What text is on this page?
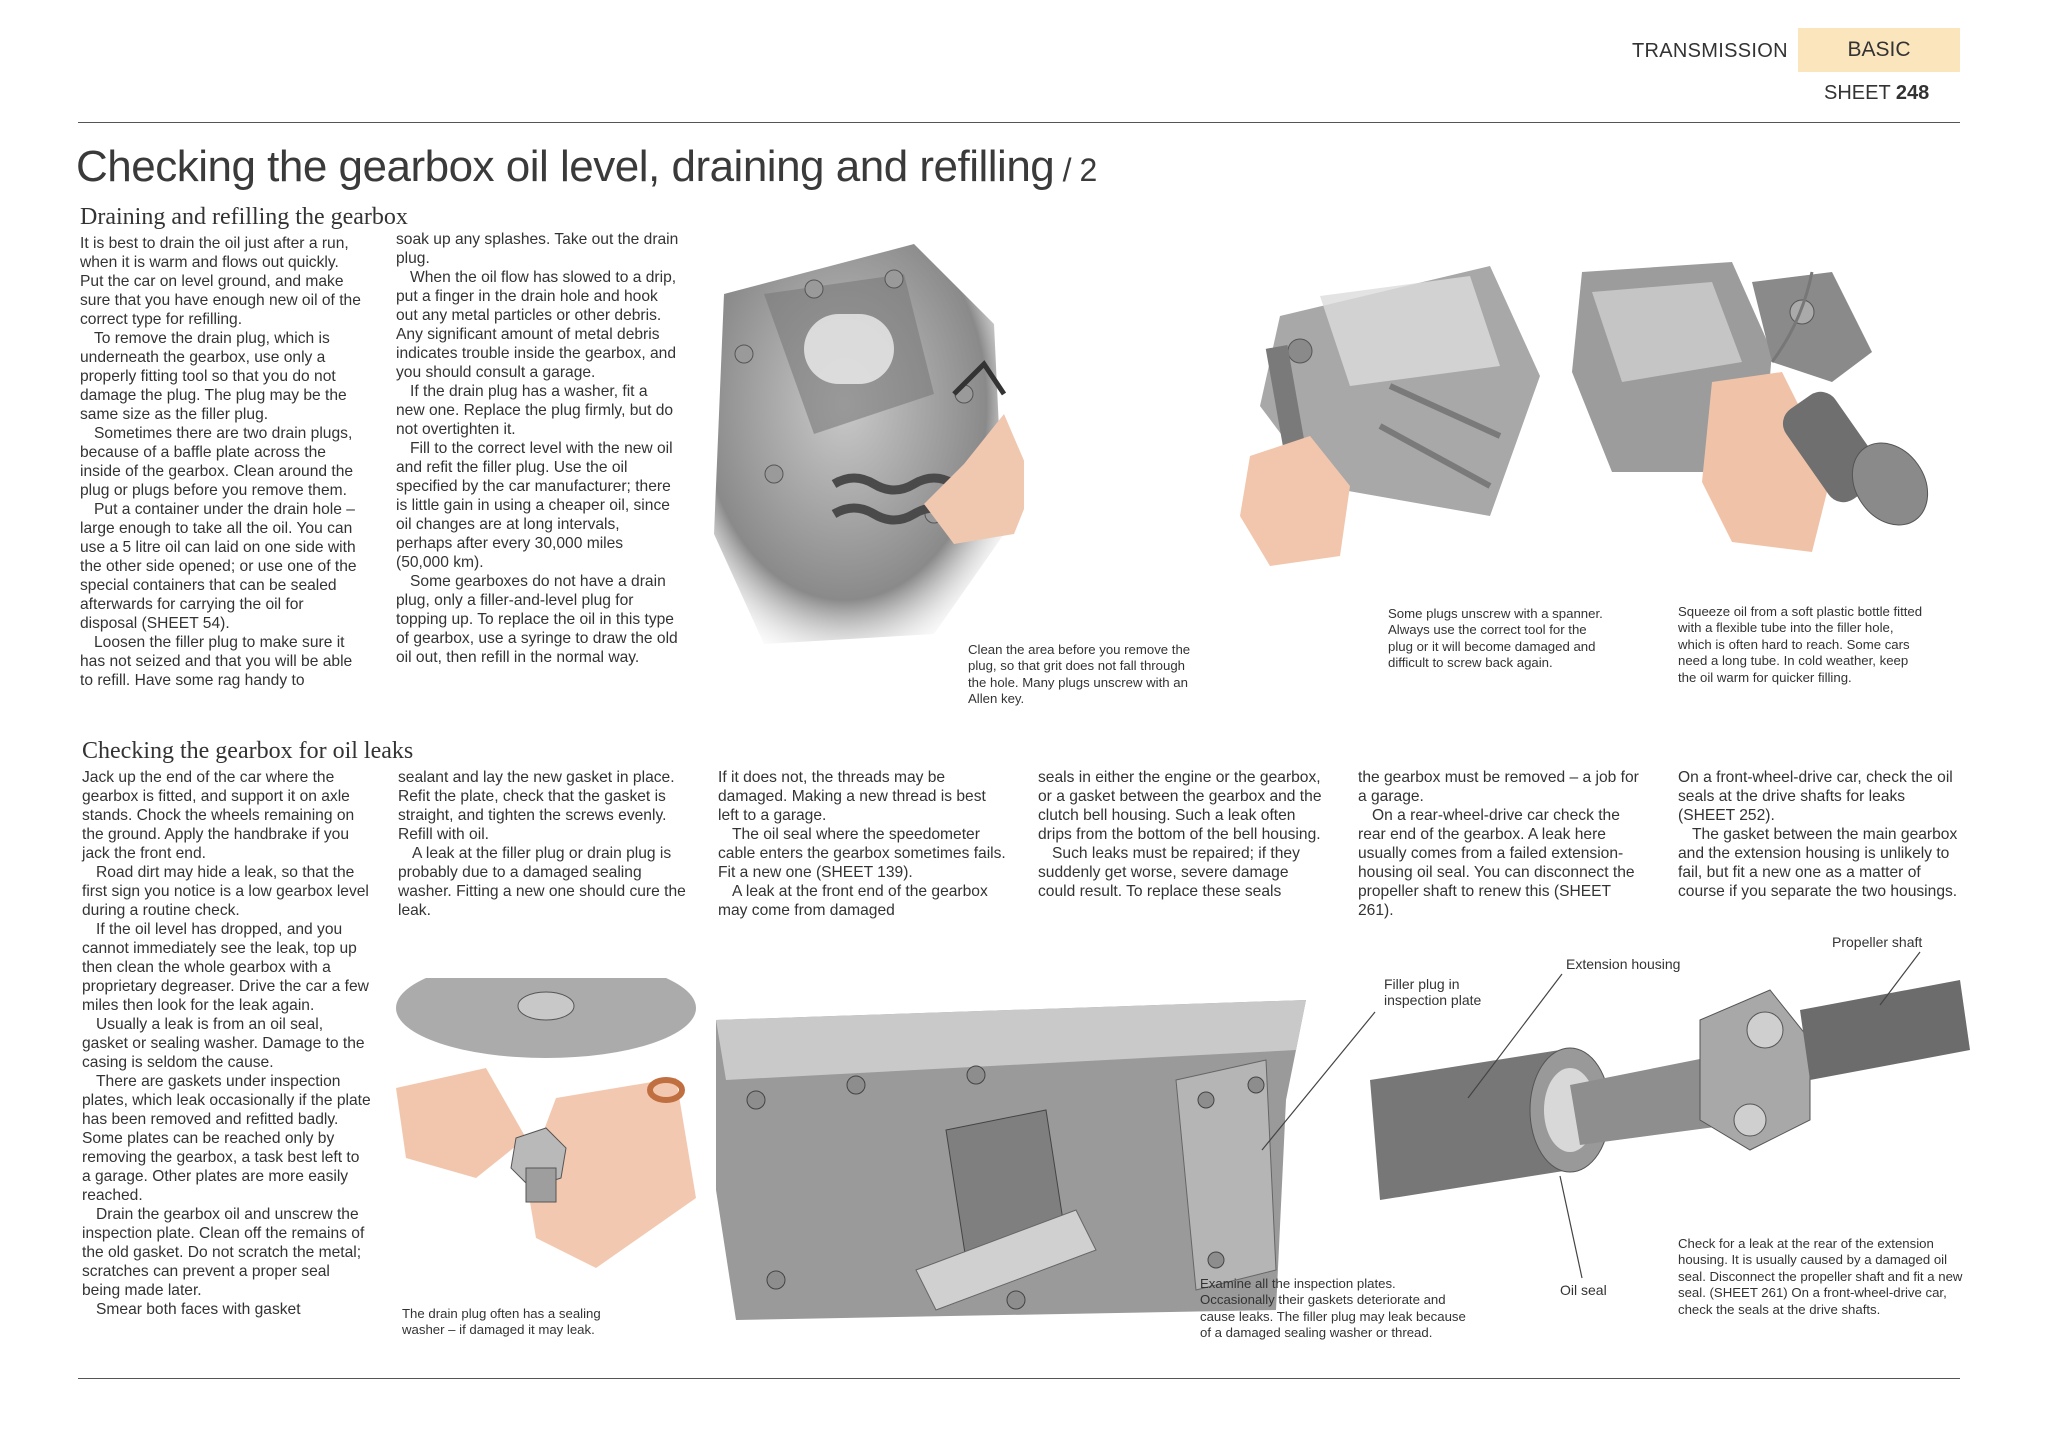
TRANSMISSION	BASIC
SHEET 248
Checking the gearbox oil level, draining and refilling / 2
Draining and refilling the gearbox

It is best to drain the oil just after a run, when it is warm and flows out quickly. Put the car on level ground, and make sure that you have enough new oil of the correct type for refilling.

To remove the drain plug, which is underneath the gearbox, use only a properly fitting tool so that you do not damage the plug. The plug may be the same size as the filler plug.

Sometimes there are two drain plugs, because of a baffle plate across the inside of the gearbox. Clean around the plug or plugs before you remove them.

Put a container under the drain hole – large enough to take all the oil. You can use a 5 litre oil can laid on one side with the other side opened; or use one of the special containers that can be sealed afterwards for carrying the oil for disposal (SHEET 54).

Loosen the filler plug to make sure it has not seized and that you will be able to refill. Have some rag handy to

soak up any splashes. Take out the drain plug.

When the oil flow has slowed to a drip, put a finger in the drain hole and hook out any metal particles or other debris. Any significant amount of metal debris indicates trouble inside the gearbox, and you should consult a garage.

If the drain plug has a washer, fit a new one. Replace the plug firmly, but do not overtighten it.

Fill to the correct level with the new oil and refit the filler plug. Use the oil specified by the car manufacturer; there is little gain in using a cheaper oil, since oil changes are at long intervals, perhaps after every 30,000 miles (50,000 km).

Some gearboxes do not have a drain plug, only a filler-and-level plug for topping up. To replace the oil in this type of gearbox, use a syringe to draw the old oil out, then refill in the normal way.	Clean the area before you remove the plug, so that grit does not fall through the hole. Many plugs unscrew with an Allen key.
Some plugs unscrew with a spanner. Always use the correct tool for the plug or it will become damaged and difficult to screw back again.
Squeeze oil from a soft plastic bottle fitted with a flexible tube into the filler hole, which is often hard to reach. Some cars need a long tube. In cold weather, keep the oil warm for quicker filling.
Checking the gearbox for oil leaks

Jack up the end of the car where the gearbox is fitted, and support it on axle stands. Chock the wheels remaining on the ground. Apply the handbrake if you jack the front end.

Road dirt may hide a leak, so that the first sign you notice is a low gearbox level during a routine check.

If the oil level has dropped, and you cannot immediately see the leak, top up then clean the whole gearbox with a proprietary degreaser. Drive the car a few miles then look for the leak again.

Usually a leak is from an oil seal, gasket or sealing washer. Damage to the casing is seldom the cause.

There are gaskets under inspection plates, which leak occasionally if the plate has been removed and refitted badly. Some plates can be reached only by removing the gearbox, a task best left to a garage. Other plates are more easily reached.

Drain the gearbox oil and unscrew the inspection plate. Clean off the remains of the old gasket. Do not scratch the metal; scratches can prevent a proper seal being made later.

Smear both faces with gasket

sealant and lay the new gasket in place. Refit the plate, check that the gasket is straight, and tighten the screws evenly. Refill with oil.

A leak at the filler plug or drain plug is probably due to a damaged sealing washer. Fitting a new one should cure the leak.

If it does not, the threads may be damaged. Making a new thread is best left to a garage.

The oil seal where the speedometer cable enters the gearbox sometimes fails. Fit a new one (SHEET 139).

A leak at the front end of the gearbox may come from damaged

seals in either the engine or the gearbox, or a gasket between the gearbox and the clutch bell housing. Such a leak often drips from the bottom of the bell housing.

Such leaks must be repaired; if they suddenly get worse, severe damage could result. To replace these seals

the gearbox must be removed – a job for a garage.

On a rear-wheel-drive car check the rear end of the gearbox. A leak here usually comes from a failed extension-housing oil seal. You can disconnect the propeller shaft to renew this (SHEET 261).

On a front-wheel-drive car, check the oil seals at the drive shafts for leaks (SHEET 252).

The gasket between the main gearbox and the extension housing is unlikely to fail, but fit a new one as a matter of course if you separate the two housings.

The drain plug often has a sealing washer – if damaged it may leak.
Filler plug in inspection plate
Examine all the inspection plates. Occasionally their gaskets deteriorate and cause leaks. The filler plug may leak because of a damaged sealing washer or thread.
Extension housing
Propeller shaft
Oil seal
Check for a leak at the rear of the extension housing. It is usually caused by a damaged oil seal. Disconnect the propeller shaft and fit a new seal. (SHEET 261) On a front-wheel-drive car, check the seals at the drive shafts.
